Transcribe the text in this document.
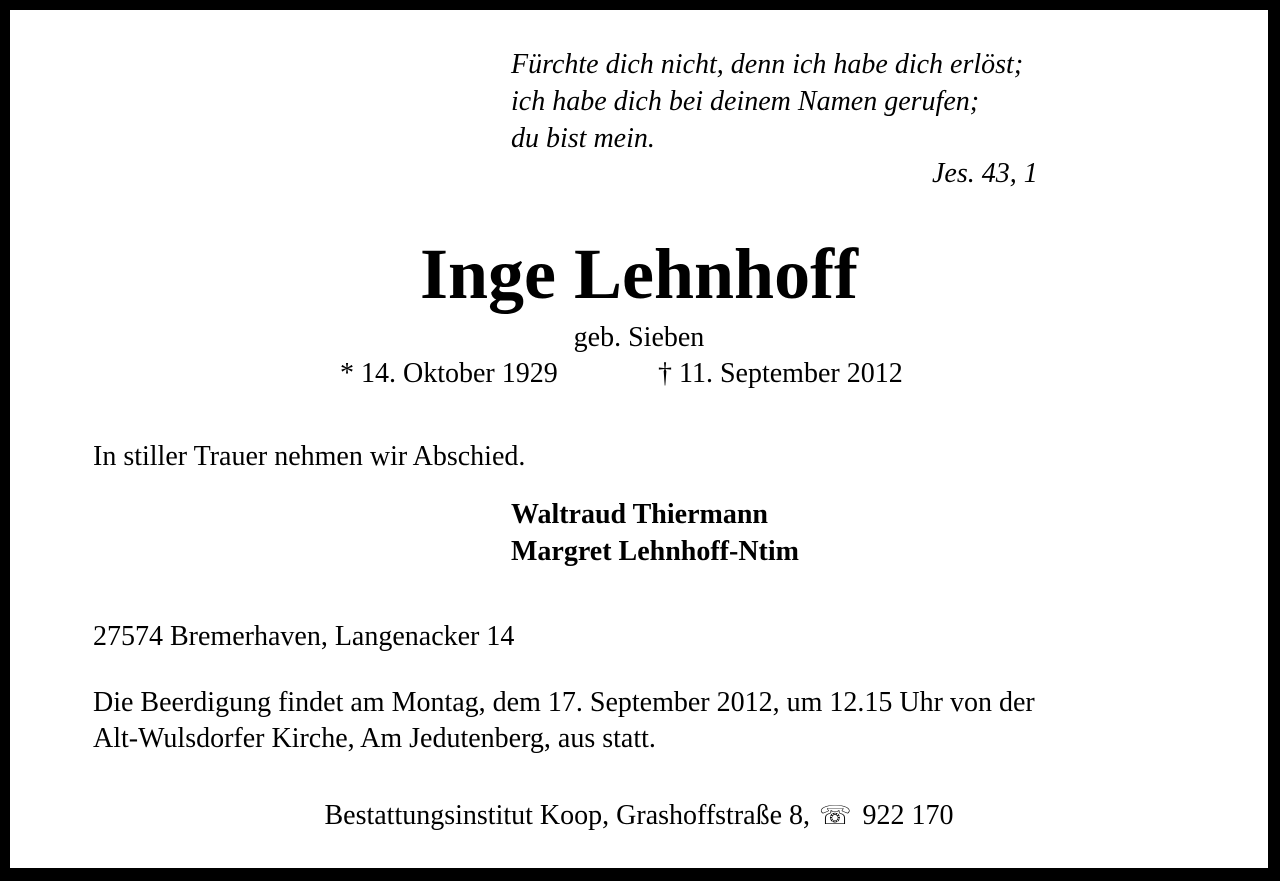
Fürchte dich nicht, denn ich habe dich erlöst;
ich habe dich bei deinem Namen gerufen;
du bist mein.

Jes. 43, 1

Inge Lehnhoff

geb. Sieben

* 14. Oktober 1929	† 11. September 2012

In stiller Trauer nehmen wir Abschied.

Waltraud Thiermann
Margret Lehnhoff-Ntim

27574 Bremerhaven, Langenacker 14

Die Beerdigung findet am Montag, dem 17. September 2012, um 12.15 Uhr von der
Alt-Wulsdorfer Kirche, Am Jedutenberg, aus statt.

Bestattungsinstitut Koop, Grashoffstraße 8, ☏ 922 170
